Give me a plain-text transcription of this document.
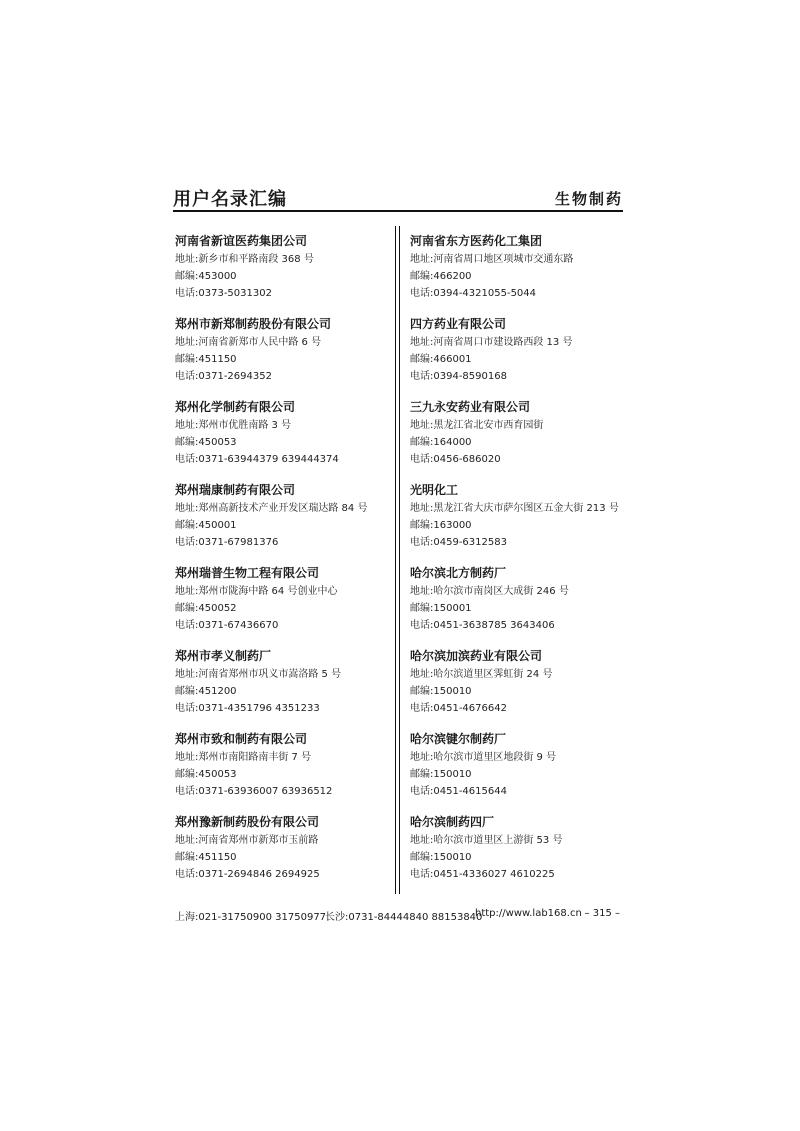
用户名录汇编	生物制药
河南省新谊医药集团公司
地址:新乡市和平路南段 368 号
邮编:453000
电话:0373-5031302
郑州市新郑制药股份有限公司
地址:河南省新郑市人民中路 6 号
邮编:451150
电话:0371-2694352
郑州化学制药有限公司
地址:郑州市优胜南路 3 号
邮编:450053
电话:0371-63944379 639444374
郑州瑞康制药有限公司
地址:郑州高新技术产业开发区瑞达路 84 号
邮编:450001
电话:0371-67981376
郑州瑞普生物工程有限公司
地址:郑州市陇海中路 64 号创业中心
邮编:450052
电话:0371-67436670
郑州市孝义制药厂
地址:河南省郑州市巩义市嵩洛路 5 号
邮编:451200
电话:0371-4351796 4351233
郑州市致和制药有限公司
地址:郑州市南阳路南丰街 7 号
邮编:450053
电话:0371-63936007 63936512
郑州豫新制药股份有限公司
地址:河南省郑州市新郑市玉前路
邮编:451150
电话:0371-2694846 2694925
河南省东方医药化工集团
地址:河南省周口地区项城市交通东路
邮编:466200
电话:0394-4321055-5044
四方药业有限公司
地址:河南省周口市建设路西段 13 号
邮编:466001
电话:0394-8590168
三九永安药业有限公司
地址:黑龙江省北安市西育园街
邮编:164000
电话:0456-686020
光明化工
地址:黑龙江省大庆市萨尔图区五金大街 213 号
邮编:163000
电话:0459-6312583
哈尔滨北方制药厂
地址:哈尔滨市南岗区大成街 246 号
邮编:150001
电话:0451-3638785 3643406
哈尔滨加滨药业有限公司
地址:哈尔滨道里区霁虹街 24 号
邮编:150010
电话:0451-4676642
哈尔滨键尔制药厂
地址:哈尔滨市道里区地段街 9 号
邮编:150010
电话:0451-4615644
哈尔滨制药四厂
地址:哈尔滨市道里区上游街 53 号
邮编:150010
电话:0451-4336027 4610225
上海:021-31750900 31750977
长沙:0731-84444840 88153840
http://www.lab168.cn – 315 –
